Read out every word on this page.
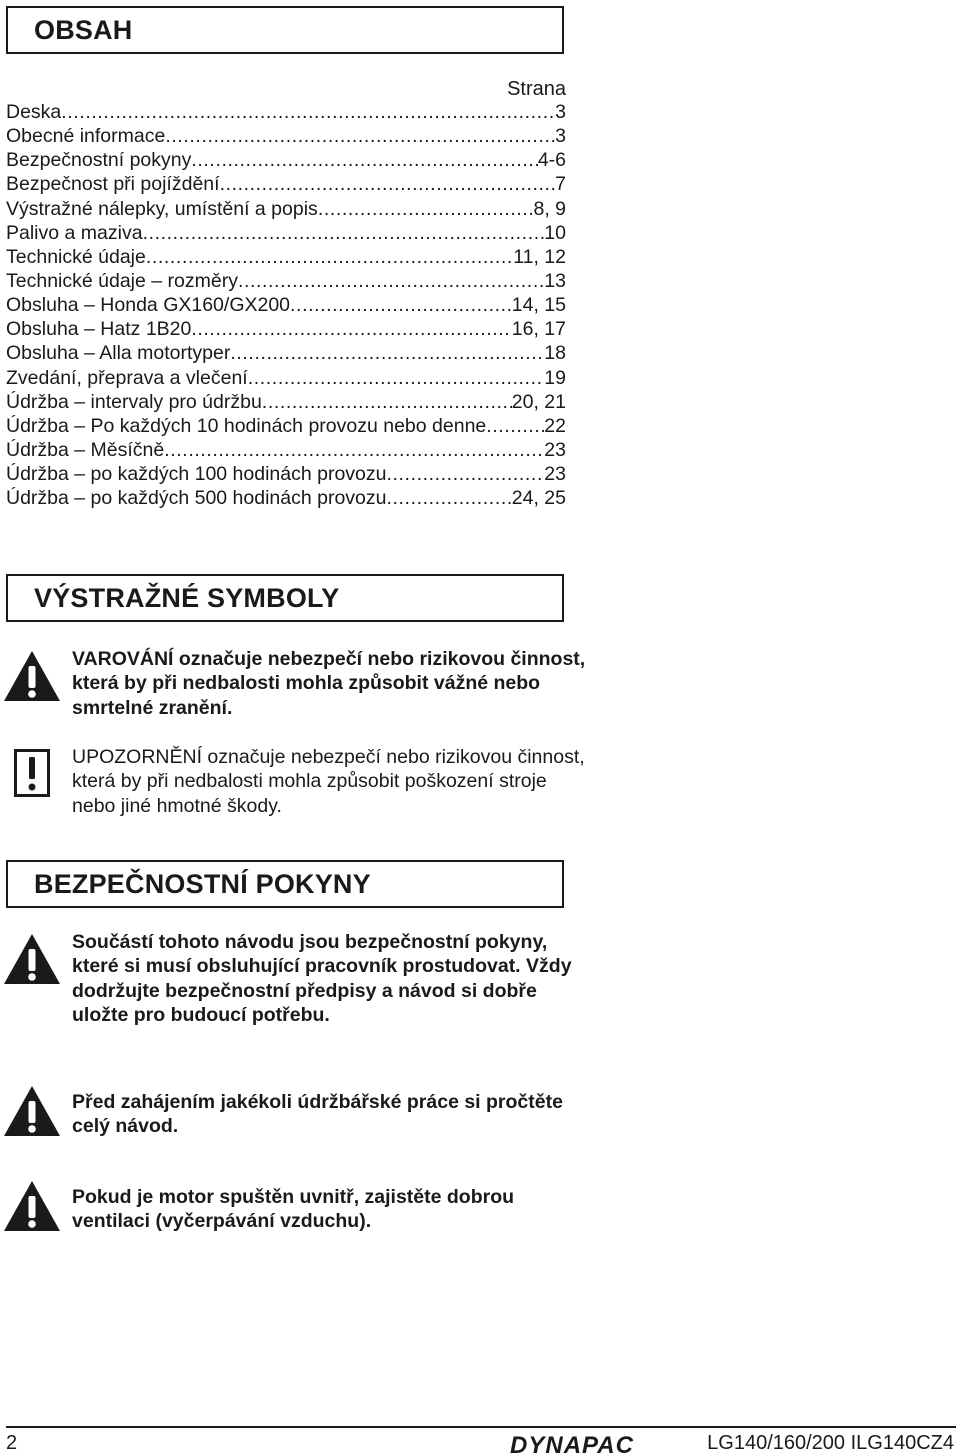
OBSAH
Strana
Deska .....	3
Obecné informace .....	3
Bezpečnostní pokyny .....	4-6
Bezpečnost při pojíždění .....	7
Výstražné nálepky, umístění a popis .....	8, 9
Palivo a maziva .....	10
Technické údaje .....	11, 12
Technické údaje – rozměry .....	13
Obsluha – Honda GX160/GX200 .....	14, 15
Obsluha – Hatz 1B20 .....	16, 17
Obsluha – Alla motortyper .....	18
Zvedání, přeprava a vlečení .....	19
Údržba – intervaly pro údržbu .....	20, 21
Údržba – Po každých 10 hodinách provozu nebo denne .....	22
Údržba – Měsíčně .....	23
Údržba – po každých 100 hodinách provozu .....	23
Údržba – po každých 500 hodinách provozu .....	24, 25
VÝSTRAŽNÉ SYMBOLY

VAROVÁNÍ označuje nebezpečí nebo rizikovou činnost, která by při nedbalosti mohla způsobit vážné nebo smrtelné zranění.

UPOZORNĚNÍ označuje nebezpečí nebo rizikovou činnost, která by při nedbalosti mohla způsobit poškození stroje nebo jiné hmotné škody.

BEZPEČNOSTNÍ POKYNY

Součástí tohoto návodu jsou bezpečnostní pokyny, které si musí obsluhující pracovník prostudovat. Vždy dodržujte bezpečnostní předpisy a návod si dobře uložte pro budoucí potřebu.

Před zahájením jakékoli údržbářské práce si pročtěte celý návod.

Pokud je motor spuštěn uvnitř, zajistěte dobrou ventilaci (vyčerpávání vzduchu).

2	DYNAPAC	LG140/160/200 ILG140CZ4
